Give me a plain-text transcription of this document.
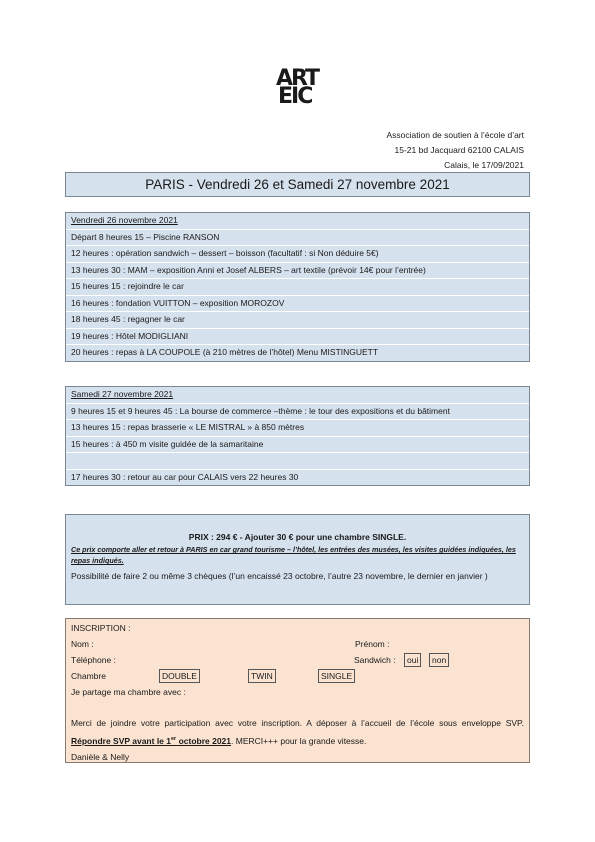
ART
EIC
Association de soutien à l’école d’art
15-21 bd Jacquard 62100 CALAIS
Calais, le 17/09/2021
PARIS - Vendredi 26 et Samedi 27 novembre 2021
Vendredi 26 novembre 2021
Départ 8 heures 15 – Piscine RANSON
12 heures : opération sandwich – dessert – boisson (facultatif : si Non déduire 5€)
13 heures 30 : MAM – exposition Anni et Josef ALBERS – art textile (prévoir 14€ pour l’entrée)
15 heures 15 : rejoindre le car
16 heures : fondation VUITTON – exposition MOROZOV
18 heures 45 : regagner le car
19 heures : Hôtel MODIGLIANI
20 heures : repas à LA COUPOLE (à 210 mètres de l’hôtel) Menu MISTINGUETT
Samedi 27 novembre 2021
9 heures 15 et 9 heures 45 : La bourse de commerce –thème : le tour des expositions et du bâtiment
13 heures 15 : repas brasserie « LE MISTRAL » à 850 mètres
15 heures : à 450 m visite guidée de la samaritaine
17 heures 30 : retour au car pour CALAIS vers 22 heures 30
PRIX : 294 € - Ajouter 30 € pour une chambre SINGLE.
Ce prix comporte aller et retour à PARIS en car grand tourisme – l’hôtel, les entrées des musées, les visites guidées indiquées, les repas indiqués.
Possibilité de faire 2 ou même 3 chèques (l’un encaissé 23 octobre, l’autre 23 novembre, le dernier en janvier )
INSCRIPTION :
Nom :	Prénom :
Téléphone :	Sandwich :	oui	non
Chambre	DOUBLE	TWIN	SINGLE
Je partage ma chambre avec :
Merci de joindre votre participation avec votre inscription. A déposer à l’accueil de l’école sous enveloppe SVP. Répondre SVP avant le 1er octobre 2021. MERCI+++ pour la grande vitesse.
Danièle & Nelly
